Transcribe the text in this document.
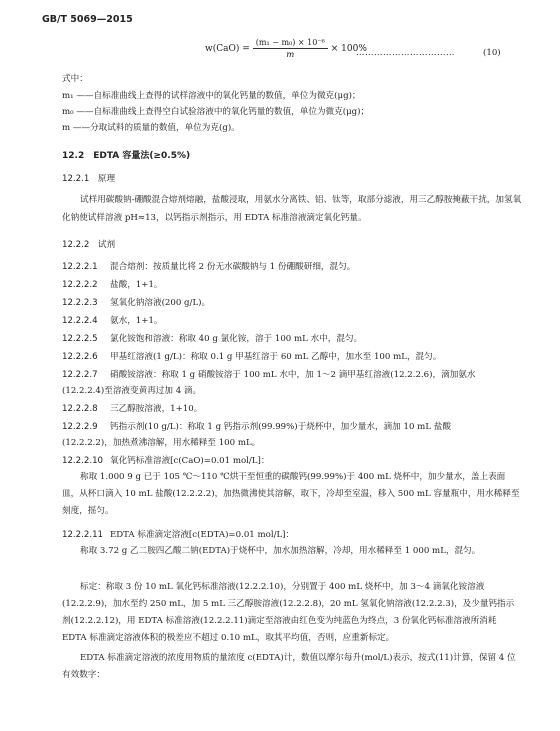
GB/T 5069—2015
$w(CaO) = \frac{\text{(m₁ − m₀) × 10⁻⁶}}{m} \times 100\%$
……………………………	(10)
式中：
m₁ ——自标准曲线上查得的试样溶液中的氧化钙量的数值，单位为微克(μg)；
m₀ ——自标准曲线上查得空白试验溶液中的氧化钙量的数值，单位为微克(μg)；
m ——分取试料的质量的数值，单位为克(g)。
12.2　EDTA 容量法(≥0.5%)
12.2.1　原理
试样用碳酸钠-硼酸混合熔剂熔融，盐酸浸取，用氨水分离铁、铝、钛等，取部分滤液，用三乙醇胺掩蔽干扰，加氢氧化钠使试样溶液 pH≈13，以钙指示剂指示，用 EDTA 标准溶液滴定氧化钙量。
12.2.2　试剂
12.2.2.1 混合熔剂：按质量比将 2 份无水碳酸钠与 1 份硼酸研细，混匀。
12.2.2.2 盐酸，1+1。
12.2.2.3 氢氧化钠溶液(200 g/L)。
12.2.2.4 氨水，1+1。
12.2.2.5 氯化铵饱和溶液：称取 40 g 氯化铵，溶于 100 mL 水中，混匀。
12.2.2.6 甲基红溶液(1 g/L)：称取 0.1 g 甲基红溶于 60 mL 乙醇中，加水至 100 mL，混匀。
12.2.2.7 硝酸铵溶液：称取 1 g 硝酸铵溶于 100 mL 水中，加 1～2 滴甲基红溶液(12.2.2.6)，滴加氨水
(12.2.2.4)至溶液变黄再过加 4 滴。
12.2.2.8 三乙醇胺溶液，1+10。
12.2.2.9 钙指示剂(10 g/L)：称取 1 g 钙指示剂(99.99%)于烧杯中，加少量水，滴加 10 mL 盐酸
(12.2.2.2)，加热煮沸溶解，用水稀释至 100 mL。
12.2.2.10 氧化钙标准溶液[c(CaO)=0.01 mol/L]：
称取 1.000 9 g 已于 105 ℃～110 ℃烘干至恒重的碳酸钙(99.99%)于 400 mL 烧杯中，加少量水，盖上表面皿，从杯口滴入 10 mL 盐酸(12.2.2.2)，加热微沸使其溶解，取下，冷却至室温，移入 500 mL 容量瓶中，用水稀释至刻度，摇匀。
12.2.2.11 EDTA 标准滴定溶液[c(EDTA)=0.01 mol/L]：
称取 3.72 g 乙二胺四乙酸二钠(EDTA)于烧杯中，加水加热溶解，冷却，用水稀释至 1 000 mL，混匀。
标定：称取 3 份 10 mL 氧化钙标准溶液(12.2.2.10)，分别置于 400 mL 烧杯中，加 3～4 滴氧化铵溶液(12.2.2.9)，加水至约 250 mL，加 5 mL 三乙醇胺溶液(12.2.2.8)，20 mL 氢氧化钠溶液(12.2.2.3)，及少量钙指示剂(12.2.2.12)，用 EDTA 标准溶液(12.2.2.11)滴定至溶液由红色变为纯蓝色为终点，3 份氧化钙标准溶液所消耗 EDTA 标准滴定溶液体积的极差应不超过 0.10 mL，取其平均值，否则，应重新标定。
EDTA 标准滴定溶液的浓度用物质的量浓度 c(EDTA)计，数值以摩尔每升(mol/L)表示，按式(11)计算，保留 4 位有效数字：
